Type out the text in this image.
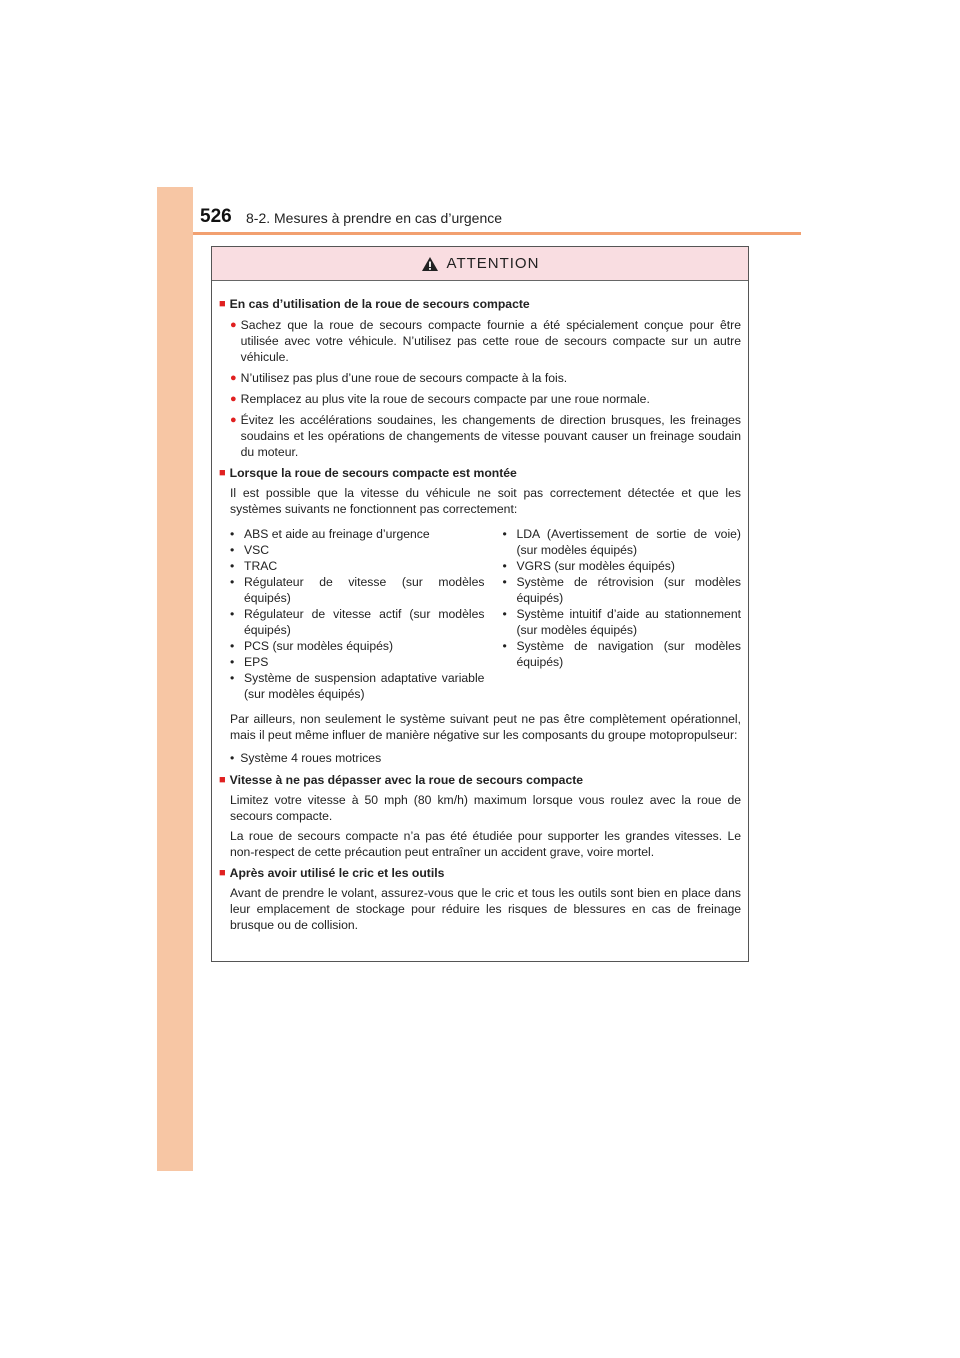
526 8-2. Mesures à prendre en cas d’urgence
ATTENTION
■ En cas d’utilisation de la roue de secours compacte
● Sachez que la roue de secours compacte fournie a été spécialement conçue pour être utilisée avec votre véhicule. N’utilisez pas cette roue de secours compacte sur un autre véhicule.
● N’utilisez pas plus d’une roue de secours compacte à la fois.
● Remplacez au plus vite la roue de secours compacte par une roue normale.
● Évitez les accélérations soudaines, les changements de direction brusques, les freinages soudains et les opérations de changements de vitesse pouvant causer un freinage soudain du moteur.
■ Lorsque la roue de secours compacte est montée
Il est possible que la vitesse du véhicule ne soit pas correctement détectée et que les systèmes suivants ne fonctionnent pas correctement:
• ABS et aide au freinage d’urgence
• VSC
• TRAC
• Régulateur de vitesse (sur modèles équipés)
• Régulateur de vitesse actif (sur modèles équipés)
• PCS (sur modèles équipés)
• EPS
• Système de suspension adaptative variable (sur modèles équipés)
• LDA (Avertissement de sortie de voie) (sur modèles équipés)
• VGRS (sur modèles équipés)
• Système de rétrovision (sur modèles équipés)
• Système intuitif d’aide au stationnement (sur modèles équipés)
• Système de navigation (sur modèles équipés)
Par ailleurs, non seulement le système suivant peut ne pas être complètement opérationnel, mais il peut même influer de manière négative sur les composants du groupe motopropulseur:
• Système 4 roues motrices
■ Vitesse à ne pas dépasser avec la roue de secours compacte
Limitez votre vitesse à 50 mph (80 km/h) maximum lorsque vous roulez avec la roue de secours compacte.
La roue de secours compacte n’a pas été étudiée pour supporter les grandes vitesses. Le non-respect de cette précaution peut entraîner un accident grave, voire mortel.
■ Après avoir utilisé le cric et les outils
Avant de prendre le volant, assurez-vous que le cric et tous les outils sont bien en place dans leur emplacement de stockage pour réduire les risques de blessures en cas de freinage brusque ou de collision.
